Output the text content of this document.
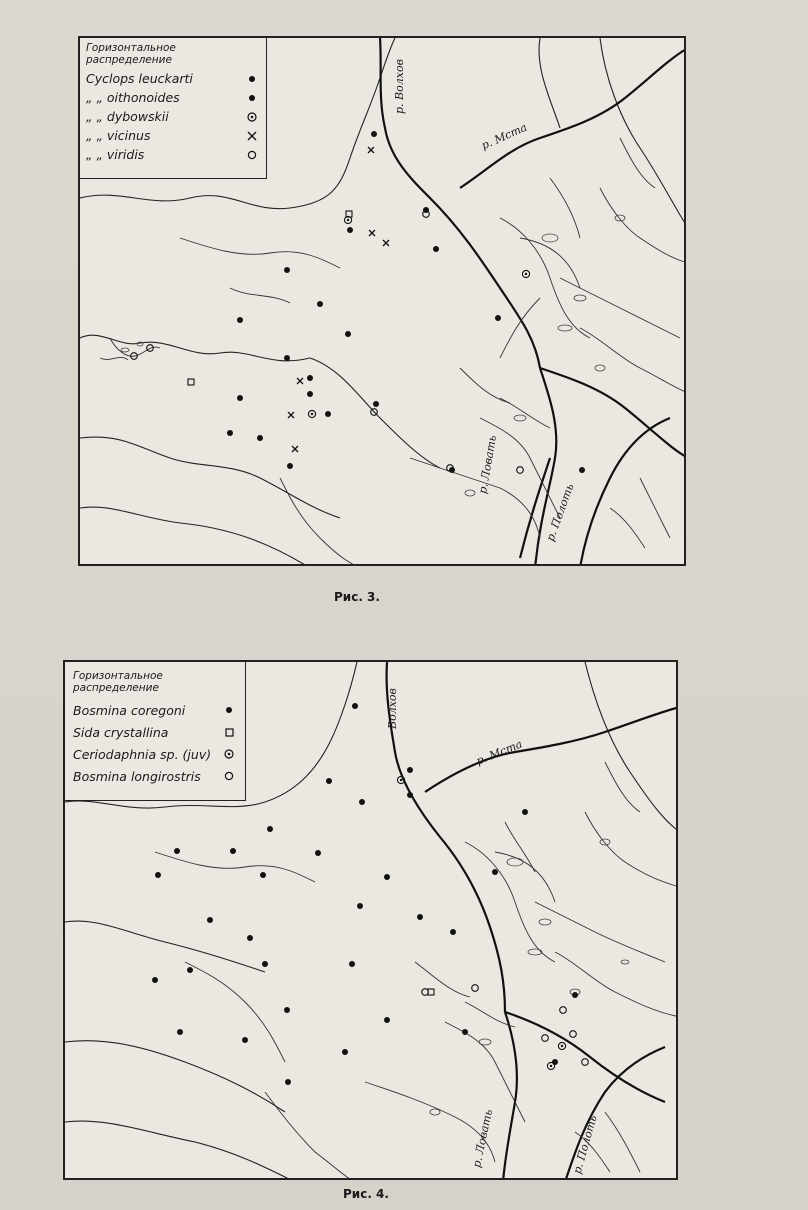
Горизонтальное распределение
Cyclops leuckarti
„ „ oithonoides
„ „ dybowskii
„ „ vicinus
„ „ viridis
р. Волхов
р. Мста
р. Полоть
р. Ловать
Рис. 3.
Горизонтальное распределение
Bosmina coregoni
Sida crystallina
Ceriodaphnia sp. (juv)
Bosmina longirostris
Волхов
р. Мста
р. Ловать	р. Полоть
Рис. 4.
